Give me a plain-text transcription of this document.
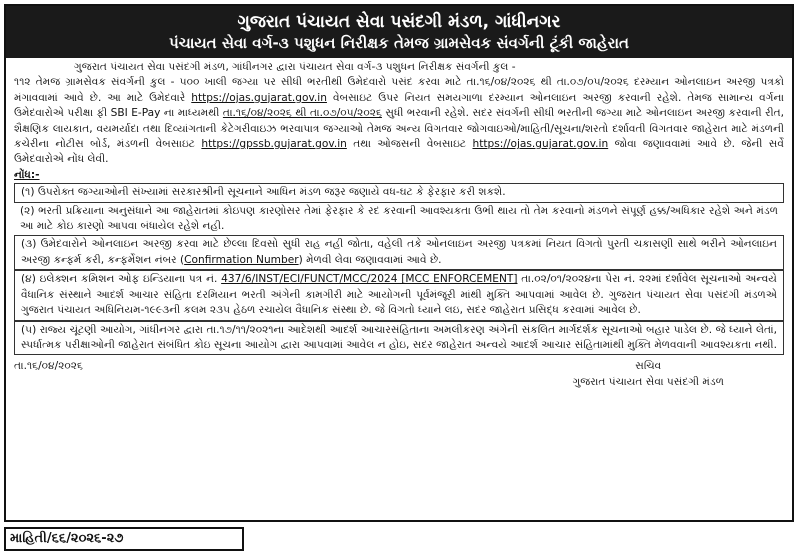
ગુજરાત પંચાયત સેવા પસંદગી મંડળ, ગાંધીનગર
પંચાયત સેવા વર્ગ-૩ પશુધન નિરીક્ષક તેમજ ગ્રામસેવક સંવર્ગની ટૂંકી જાહેરાત

ગુજરાત પંચાયત સેવા પસંદગી મંડળ, ગાંધીનગર દ્વારા પંચાયત સેવા વર્ગ-૩ પશુધન નિરીક્ષક સંવર્ગની કુલ -

૧૧૨ તેમજ ગ્રામસેવક સંવર્ગની કુલ - ૫૦૦ ખાલી જગ્યા પર સીધી ભરતીથી ઉમેદવારો પસંદ કરવા માટે તા.૧૬/૦૪/૨૦૨૬ થી તા.૦૭/૦૫/૨૦૨૬ દરમ્યાન ઓનલાઇન અરજી પત્રકો મંગાવવામાં આવે છે. આ માટે ઉમેદવારે https://ojas.gujarat.gov.in વેબસાઇટ ઉપર નિયત સમયગાળા દરમ્યાન ઓનલાઇન અરજી કરવાની રહેશે. તેમજ સામાન્ય વર્ગના ઉમેદવારોએ પરીક્ષા ફી SBI E-Pay ના માધ્યમથી તા.૧૬/૦૪/૨૦૨૬ થી તા.૦૭/૦૫/૨૦૨૬ સુધી ભરવાની રહેશે. સદર સંવર્ગની સીધી ભરતીની જગ્યા માટે ઓનલાઇન અરજી કરવાની રીત, શૈક્ષણિક લાયકાત, વયમર્યાદા તથા દિવ્યાંગતાની કેટેગરીવાઇઝ ભરવાપાત્ર જગ્યાઓ તેમજ અન્ય વિગતવાર જોગવાઇઓ/માહિતી/સૂચના/શરતો દર્શાવતી વિગતવાર જાહેરાત માટે મંડળની કચેરીના નોટીસ બોર્ડ, મંડળની વેબસાઇટ https://gpssb.gujarat.gov.in તથા ઓજસની વેબસાઇટ https://ojas.gujarat.gov.in જોવા જણાવવામાં આવે છે. જેની સર્વે ઉમેદવારોએ નોંધ લેવી.

નોંધ:-

(૧) ઉપરોક્ત જગ્યાઓની સંખ્યામાં સરકારશ્રીની સૂચનાને આધિન મંડળ જરૂર જણાયે વધ-ઘટ કે ફેરફાર કરી શકશે.

(૨) ભરતી પ્રક્રિયાના અનુસંધાને આ જાહેરાતમાં કોઇપણ કારણોસર તેમાં ફેરફાર કે રદ કરવાની આવશ્યકતા ઉભી થાય તો તેમ કરવાનો મંડળને સંપૂર્ણ હક્ક/અધિકાર રહેશે અને મંડળ આ માટે કોઇ કારણો આપવા બંધાયેલ રહેશે નહી.

(૩) ઉમેદવારોને ઓનલાઇન અરજી કરવા માટે છેલ્લા દિવસો સુધી રાહ નહી જોતા, વહેલી તકે ઓનલાઇન અરજી પત્રકમાં નિયત વિગતો પુરતી ચકાસણી સાથે ભરીને ઓનલાઇન અરજી કન્ફર્મ કરી, કન્ફર્મેશન નંબર (Confirmation Number) મેળવી લેવા જણાવવામાં આવે છે.

(૪) ઇલેક્શન કમિશન ઓફ ઇન્ડિયાના પત્ર નં. 437/6/INST/ECI/FUNCT/MCC/2024 [MCC ENFORCEMENT] તા.૦૨/૦૧/૨૦૨૪ના પેરા નં. ૨૨માં દર્શાવેલ સૂચનાઓ અન્વયે વૈધાનિક સંસ્થાને આદર્શ આચાર સંહિતા દરમિયાન ભરતી અંગેની કામગીરી માટે આયોગની પૂર્વમંજૂરી માંથી મુક્તિ આપવામાં આવેલ છે. ગુજરાત પંચાયત સેવા પસંદગી મંડળએ ગુજરાત પંચાયત અધિનિયમ-૧૯૯૩ની કલમ ૨૩૫ હેઠળ રચાયેલ વૈધાનિક સંસ્થા છે. જે વિગતો ધ્યાને લઇ, સદર જાહેરાત પ્રસિદ્ધ કરવામાં આવેલ છે.

(૫) રાજ્ય ચૂંટણી આયોગ, ગાંધીનગર દ્વારા તા.૧૭/૧૧/૨૦૨૧ના આદેશથી આદર્શ આચારસંહિતાના અમલીકરણ અંગેની સંકલિત માર્ગદર્શક સૂચનાઓ બહાર પાડેલ છે. જે ધ્યાને લેતાં, સ્પર્ધાત્મક પરીક્ષાઓની જાહેરાત સંબંધિત કોઇ સૂચના આયોગ દ્વારા આપવામાં આવેલ ન હોઇ, સદર જાહેરાત અન્વયે આદર્શ આચાર સંહિતામાંથી મુક્તિ મેળવવાની આવશ્યકતા નથી.

તા.૧૬/૦૪/૨૦૨૬	સચિવ
ગુજરાત પંચાયત સેવા પસંદગી મંડળ
માહિતી/૬૬/૨૦૨૬-૨૭
